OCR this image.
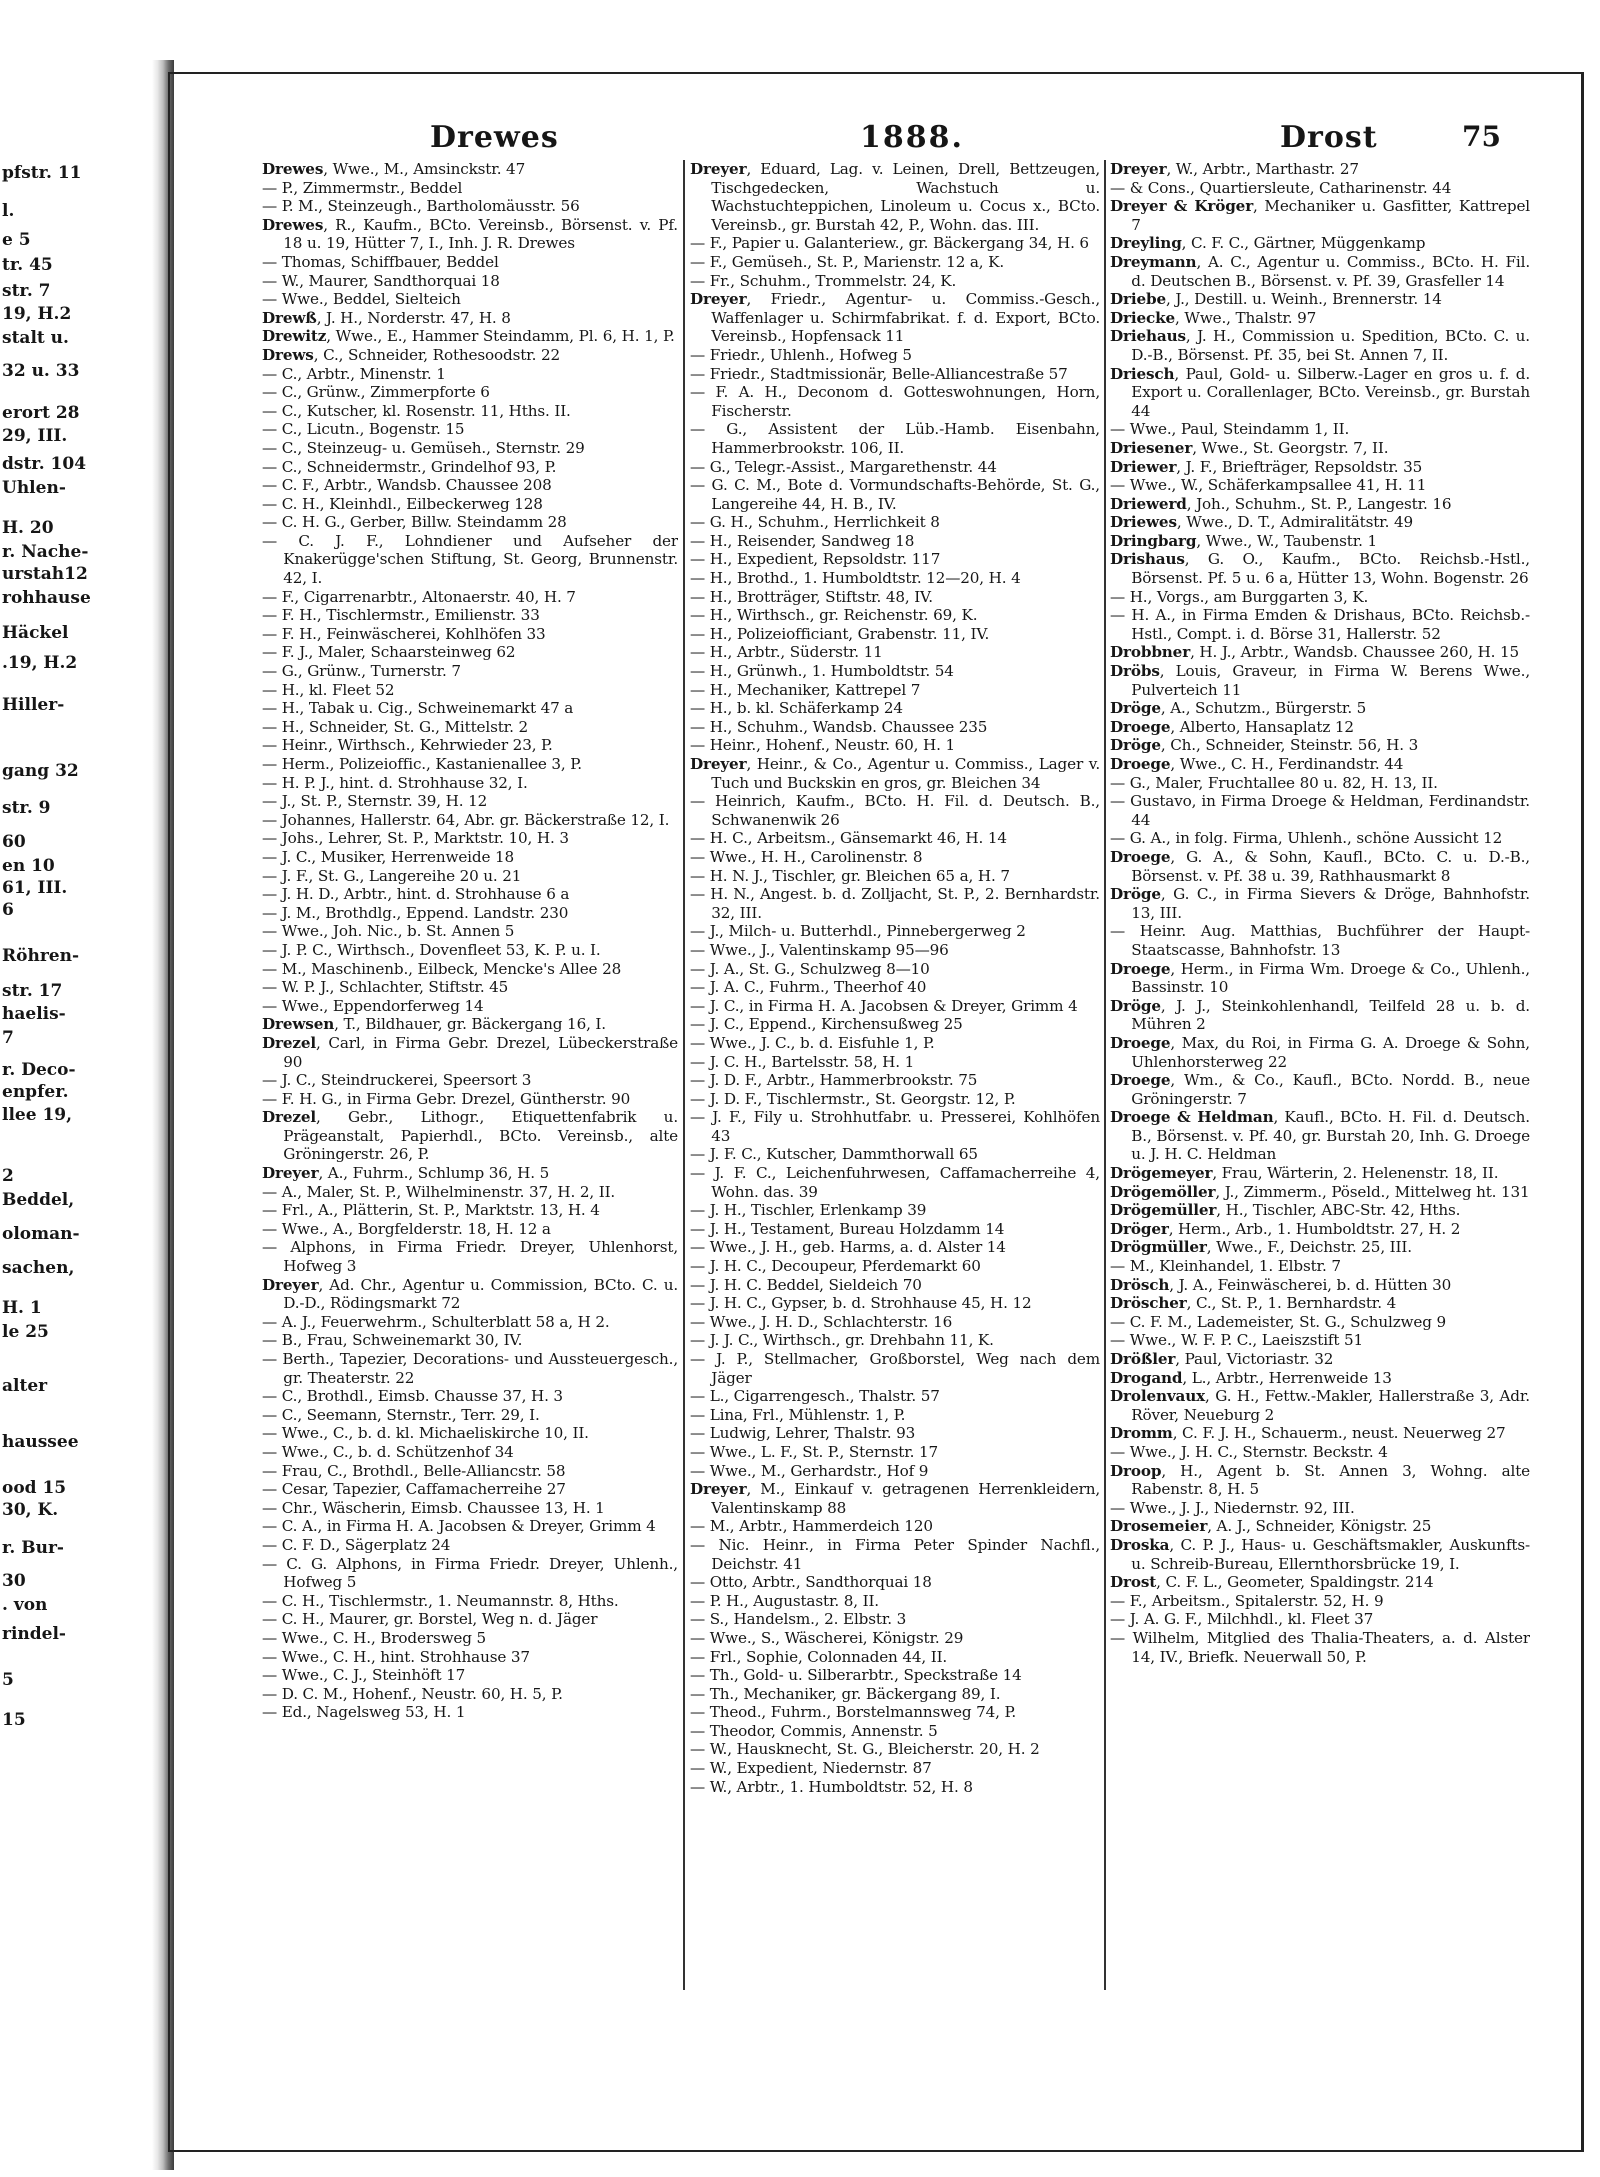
pfstr. 11
l.
e 5
tr. 45
str. 7
19, H.2
stalt u.
32 u. 33
erort 28
29, III.
dstr. 104
Uhlen-
H. 20
r. Nache-
urstah12
rohhause
Häckel
.19, H.2
Hiller-
gang 32
str. 9
60
en 10
61, III.
6
Röhren-
str. 17
haelis-
7
r. Deco-
enpfer.
llee 19,
2
Beddel,
oloman-
sachen,
H. 1
le 25
alter
haussee
ood 15
30, K.
r. Bur-
30
. von
rindel-
5
15
Drewes	1888.	Drost	75
Drewes, Wwe., M., Amsinckstr. 47
— P., Zimmermstr., Beddel
— P. M., Steinzeugh., Bartholomäusstr. 56
Drewes, R., Kaufm., BCto. Vereinsb., Börsenst. v. Pf. 18 u. 19, Hütter 7, I., Inh. J. R. Drewes
— Thomas, Schiffbauer, Beddel
— W., Maurer, Sandthorquai 18
— Wwe., Beddel, Sielteich
Drewß, J. H., Norderstr. 47, H. 8
Drewitz, Wwe., E., Hammer Steindamm, Pl. 6, H. 1, P.
Drews, C., Schneider, Rothesoodstr. 22
— C., Arbtr., Minenstr. 1
— C., Grünw., Zimmerpforte 6
— C., Kutscher, kl. Rosenstr. 11, Hths. II.
— C., Licutn., Bogenstr. 15
— C., Steinzeug- u. Gemüseh., Sternstr. 29
— C., Schneidermstr., Grindelhof 93, P.
— C. F., Arbtr., Wandsb. Chaussee 208
— C. H., Kleinhdl., Eilbeckerweg 128
— C. H. G., Gerber, Billw. Steindamm 28
— C. J. F., Lohndiener und Aufseher der Knakerügge'schen Stiftung, St. Georg, Brunnenstr. 42, I.
— F., Cigarrenarbtr., Altonaerstr. 40, H. 7
— F. H., Tischlermstr., Emilienstr. 33
— F. H., Feinwäscherei, Kohlhöfen 33
— F. J., Maler, Schaarsteinweg 62
— G., Grünw., Turnerstr. 7
— H., kl. Fleet 52
— H., Tabak u. Cig., Schweinemarkt 47 a
— H., Schneider, St. G., Mittelstr. 2
— Heinr., Wirthsch., Kehrwieder 23, P.
— Herm., Polizeioffic., Kastanienallee 3, P.
— H. P. J., hint. d. Strohhause 32, I.
— J., St. P., Sternstr. 39, H. 12
— Johannes, Hallerstr. 64, Abr. gr. Bäckerstraße 12, I.
— Johs., Lehrer, St. P., Marktstr. 10, H. 3
— J. C., Musiker, Herrenweide 18
— J. F., St. G., Langereihe 20 u. 21
— J. H. D., Arbtr., hint. d. Strohhause 6 a
— J. M., Brothdlg., Eppend. Landstr. 230
— Wwe., Joh. Nic., b. St. Annen 5
— J. P. C., Wirthsch., Dovenfleet 53, K. P. u. I.
— M., Maschinenb., Eilbeck, Mencke's Allee 28
— W. P. J., Schlachter, Stiftstr. 45
— Wwe., Eppendorferweg 14
Drewsen, T., Bildhauer, gr. Bäckergang 16, I.
Drezel, Carl, in Firma Gebr. Drezel, Lübeckerstraße 90
— J. C., Steindruckerei, Speersort 3
— F. H. G., in Firma Gebr. Drezel, Güntherstr. 90
Drezel, Gebr., Lithogr., Etiquettenfabrik u. Prägeanstalt, Papierhdl., BCto. Vereinsb., alte Gröningerstr. 26, P.
Dreyer, A., Fuhrm., Schlump 36, H. 5
— A., Maler, St. P., Wilhelminenstr. 37, H. 2, II.
— Frl., A., Plätterin, St. P., Marktstr. 13, H. 4
— Wwe., A., Borgfelderstr. 18, H. 12 a
— Alphons, in Firma Friedr. Dreyer, Uhlenhorst, Hofweg 3
Dreyer, Ad. Chr., Agentur u. Commission, BCto. C. u. D.-D., Rödingsmarkt 72
— A. J., Feuerwehrm., Schulterblatt 58 a, H 2.
— B., Frau, Schweinemarkt 30, IV.
— Berth., Tapezier, Decorations- und Aussteuergesch., gr. Theaterstr. 22
— C., Brothdl., Eimsb. Chausse 37, H. 3
— C., Seemann, Sternstr., Terr. 29, I.
— Wwe., C., b. d. kl. Michaeliskirche 10, II.
— Wwe., C., b. d. Schützenhof 34
— Frau, C., Brothdl., Belle-Alliancstr. 58
— Cesar, Tapezier, Caffamacherreihe 27
— Chr., Wäscherin, Eimsb. Chaussee 13, H. 1
— C. A., in Firma H. A. Jacobsen & Dreyer, Grimm 4
— C. F. D., Sägerplatz 24
— C. G. Alphons, in Firma Friedr. Dreyer, Uhlenh., Hofweg 5
— C. H., Tischlermstr., 1. Neumannstr. 8, Hths.
— C. H., Maurer, gr. Borstel, Weg n. d. Jäger
— Wwe., C. H., Brodersweg 5
— Wwe., C. H., hint. Strohhause 37
— Wwe., C. J., Steinhöft 17
— D. C. M., Hohenf., Neustr. 60, H. 5, P.
— Ed., Nagelsweg 53, H. 1
Dreyer, Eduard, Lag. v. Leinen, Drell, Bettzeugen, Tischgedecken, Wachstuch u. Wachstuchteppichen, Linoleum u. Cocus x., BCto. Vereinsb., gr. Burstah 42, P., Wohn. das. III.
— F., Papier u. Galanteriew., gr. Bäckergang 34, H. 6
— F., Gemüseh., St. P., Marienstr. 12 a, K.
— Fr., Schuhm., Trommelstr. 24, K.
Dreyer, Friedr., Agentur- u. Commiss.-Gesch., Waffenlager u. Schirmfabrikat. f. d. Export, BCto. Vereinsb., Hopfensack 11
— Friedr., Uhlenh., Hofweg 5
— Friedr., Stadtmissionär, Belle-Alliancestraße 57
— F. A. H., Deconom d. Gotteswohnungen, Horn, Fischerstr.
— G., Assistent der Lüb.-Hamb. Eisenbahn, Hammerbrookstr. 106, II.
— G., Telegr.-Assist., Margarethenstr. 44
— G. C. M., Bote d. Vormundschafts-Behörde, St. G., Langereihe 44, H. B., IV.
— G. H., Schuhm., Herrlichkeit 8
— H., Reisender, Sandweg 18
— H., Expedient, Repsoldstr. 117
— H., Brothd., 1. Humboldtstr. 12—20, H. 4
— H., Brotträger, Stiftstr. 48, IV.
— H., Wirthsch., gr. Reichenstr. 69, K.
— H., Polizeiofficiant, Grabenstr. 11, IV.
— H., Arbtr., Süderstr. 11
— H., Grünwh., 1. Humboldtstr. 54
— H., Mechaniker, Kattrepel 7
— H., b. kl. Schäferkamp 24
— H., Schuhm., Wandsb. Chaussee 235
— Heinr., Hohenf., Neustr. 60, H. 1
Dreyer, Heinr., & Co., Agentur u. Commiss., Lager v. Tuch und Buckskin en gros, gr. Bleichen 34
— Heinrich, Kaufm., BCto. H. Fil. d. Deutsch. B., Schwanenwik 26
— H. C., Arbeitsm., Gänsemarkt 46, H. 14
— Wwe., H. H., Carolinenstr. 8
— H. N. J., Tischler, gr. Bleichen 65 a, H. 7
— H. N., Angest. b. d. Zolljacht, St. P., 2. Bernhardstr. 32, III.
— J., Milch- u. Butterhdl., Pinnebergerweg 2
— Wwe., J., Valentinskamp 95—96
— J. A., St. G., Schulzweg 8—10
— J. A. C., Fuhrm., Theerhof 40
— J. C., in Firma H. A. Jacobsen & Dreyer, Grimm 4
— J. C., Eppend., Kirchensußweg 25
— Wwe., J. C., b. d. Eisfuhle 1, P.
— J. C. H., Bartelsstr. 58, H. 1
— J. D. F., Arbtr., Hammerbrookstr. 75
— J. D. F., Tischlermstr., St. Georgstr. 12, P.
— J. F., Fily u. Strohhutfabr. u. Presserei, Kohlhöfen 43
— J. F. C., Kutscher, Dammthorwall 65
— J. F. C., Leichenfuhrwesen, Caffamacherreihe 4, Wohn. das. 39
— J. H., Tischler, Erlenkamp 39
— J. H., Testament, Bureau Holzdamm 14
— Wwe., J. H., geb. Harms, a. d. Alster 14
— J. H. C., Decoupeur, Pferdemarkt 60
— J. H. C. Beddel, Sieldeich 70
— J. H. C., Gypser, b. d. Strohhause 45, H. 12
— Wwe., J. H. D., Schlachterstr. 16
— J. J. C., Wirthsch., gr. Drehbahn 11, K.
— J. P., Stellmacher, Großborstel, Weg nach dem Jäger
— L., Cigarrengesch., Thalstr. 57
— Lina, Frl., Mühlenstr. 1, P.
— Ludwig, Lehrer, Thalstr. 93
— Wwe., L. F., St. P., Sternstr. 17
— Wwe., M., Gerhardstr., Hof 9
Dreyer, M., Einkauf v. getragenen Herrenkleidern, Valentinskamp 88
— M., Arbtr., Hammerdeich 120
— Nic. Heinr., in Firma Peter Spinder Nachfl., Deichstr. 41
— Otto, Arbtr., Sandthorquai 18
— P. H., Augustastr. 8, II.
— S., Handelsm., 2. Elbstr. 3
— Wwe., S., Wäscherei, Königstr. 29
— Frl., Sophie, Colonnaden 44, II.
— Th., Gold- u. Silberarbtr., Speckstraße 14
— Th., Mechaniker, gr. Bäckergang 89, I.
— Theod., Fuhrm., Borstelmannsweg 74, P.
— Theodor, Commis, Annenstr. 5
— W., Hausknecht, St. G., Bleicherstr. 20, H. 2
— W., Expedient, Niedernstr. 87
— W., Arbtr., 1. Humboldtstr. 52, H. 8
Dreyer, W., Arbtr., Marthastr. 27
— & Cons., Quartiersleute, Catharinenstr. 44
Dreyer & Kröger, Mechaniker u. Gasfitter, Kattrepel 7
Dreyling, C. F. C., Gärtner, Müggenkamp
Dreymann, A. C., Agentur u. Commiss., BCto. H. Fil. d. Deutschen B., Börsenst. v. Pf. 39, Grasfeller 14
Driebe, J., Destill. u. Weinh., Brennerstr. 14
Driecke, Wwe., Thalstr. 97
Driehaus, J. H., Commission u. Spedition, BCto. C. u. D.-B., Börsenst. Pf. 35, bei St. Annen 7, II.
Driesch, Paul, Gold- u. Silberw.-Lager en gros u. f. d. Export u. Corallenlager, BCto. Vereinsb., gr. Burstah 44
— Wwe., Paul, Steindamm 1, II.
Driesener, Wwe., St. Georgstr. 7, II.
Driewer, J. F., Briefträger, Repsoldstr. 35
— Wwe., W., Schäferkampsallee 41, H. 11
Driewerd, Joh., Schuhm., St. P., Langestr. 16
Driewes, Wwe., D. T., Admiralitätstr. 49
Dringbarg, Wwe., W., Taubenstr. 1
Drishaus, G. O., Kaufm., BCto. Reichsb.-Hstl., Börsenst. Pf. 5 u. 6 a, Hütter 13, Wohn. Bogenstr. 26
— H., Vorgs., am Burggarten 3, K.
— H. A., in Firma Emden & Drishaus, BCto. Reichsb.-Hstl., Compt. i. d. Börse 31, Hallerstr. 52
Drobbner, H. J., Arbtr., Wandsb. Chaussee 260, H. 15
Dröbs, Louis, Graveur, in Firma W. Berens Wwe., Pulverteich 11
Dröge, A., Schutzm., Bürgerstr. 5
Droege, Alberto, Hansaplatz 12
Dröge, Ch., Schneider, Steinstr. 56, H. 3
Droege, Wwe., C. H., Ferdinandstr. 44
— G., Maler, Fruchtallee 80 u. 82, H. 13, II.
— Gustavo, in Firma Droege & Heldman, Ferdinandstr. 44
— G. A., in folg. Firma, Uhlenh., schöne Aussicht 12
Droege, G. A., & Sohn, Kaufl., BCto. C. u. D.-B., Börsenst. v. Pf. 38 u. 39, Rathhausmarkt 8
Dröge, G. C., in Firma Sievers & Dröge, Bahnhofstr. 13, III.
— Heinr. Aug. Matthias, Buchführer der Haupt-Staatscasse, Bahnhofstr. 13
Droege, Herm., in Firma Wm. Droege & Co., Uhlenh., Bassinstr. 10
Dröge, J. J., Steinkohlenhandl, Teilfeld 28 u. b. d. Mühren 2
Droege, Max, du Roi, in Firma G. A. Droege & Sohn, Uhlenhorsterweg 22
Droege, Wm., & Co., Kaufl., BCto. Nordd. B., neue Gröningerstr. 7
Droege & Heldman, Kaufl., BCto. H. Fil. d. Deutsch. B., Börsenst. v. Pf. 40, gr. Burstah 20, Inh. G. Droege u. J. H. C. Heldman
Drögemeyer, Frau, Wärterin, 2. Helenenstr. 18, II.
Drögemöller, J., Zimmerm., Pöseld., Mittelweg ht. 131
Drögemüller, H., Tischler, ABC-Str. 42, Hths.
Dröger, Herm., Arb., 1. Humboldtstr. 27, H. 2
Drögmüller, Wwe., F., Deichstr. 25, III.
— M., Kleinhandel, 1. Elbstr. 7
Drösch, J. A., Feinwäscherei, b. d. Hütten 30
Dröscher, C., St. P., 1. Bernhardstr. 4
— C. F. M., Lademeister, St. G., Schulzweg 9
— Wwe., W. F. P. C., Laeiszstift 51
Drößler, Paul, Victoriastr. 32
Drogand, L., Arbtr., Herrenweide 13
Drolenvaux, G. H., Fettw.-Makler, Hallerstraße 3, Adr. Röver, Neueburg 2
Dromm, C. F. J. H., Schauerm., neust. Neuerweg 27
— Wwe., J. H. C., Sternstr. Beckstr. 4
Droop, H., Agent b. St. Annen 3, Wohng. alte Rabenstr. 8, H. 5
— Wwe., J. J., Niedernstr. 92, III.
Drosemeier, A. J., Schneider, Königstr. 25
Droska, C. P. J., Haus- u. Geschäftsmakler, Auskunfts- u. Schreib-Bureau, Ellernthorsbrücke 19, I.
Drost, C. F. L., Geometer, Spaldingstr. 214
— F., Arbeitsm., Spitalerstr. 52, H. 9
— J. A. G. F., Milchhdl., kl. Fleet 37
— Wilhelm, Mitglied des Thalia-Theaters, a. d. Alster 14, IV., Briefk. Neuerwall 50, P.
